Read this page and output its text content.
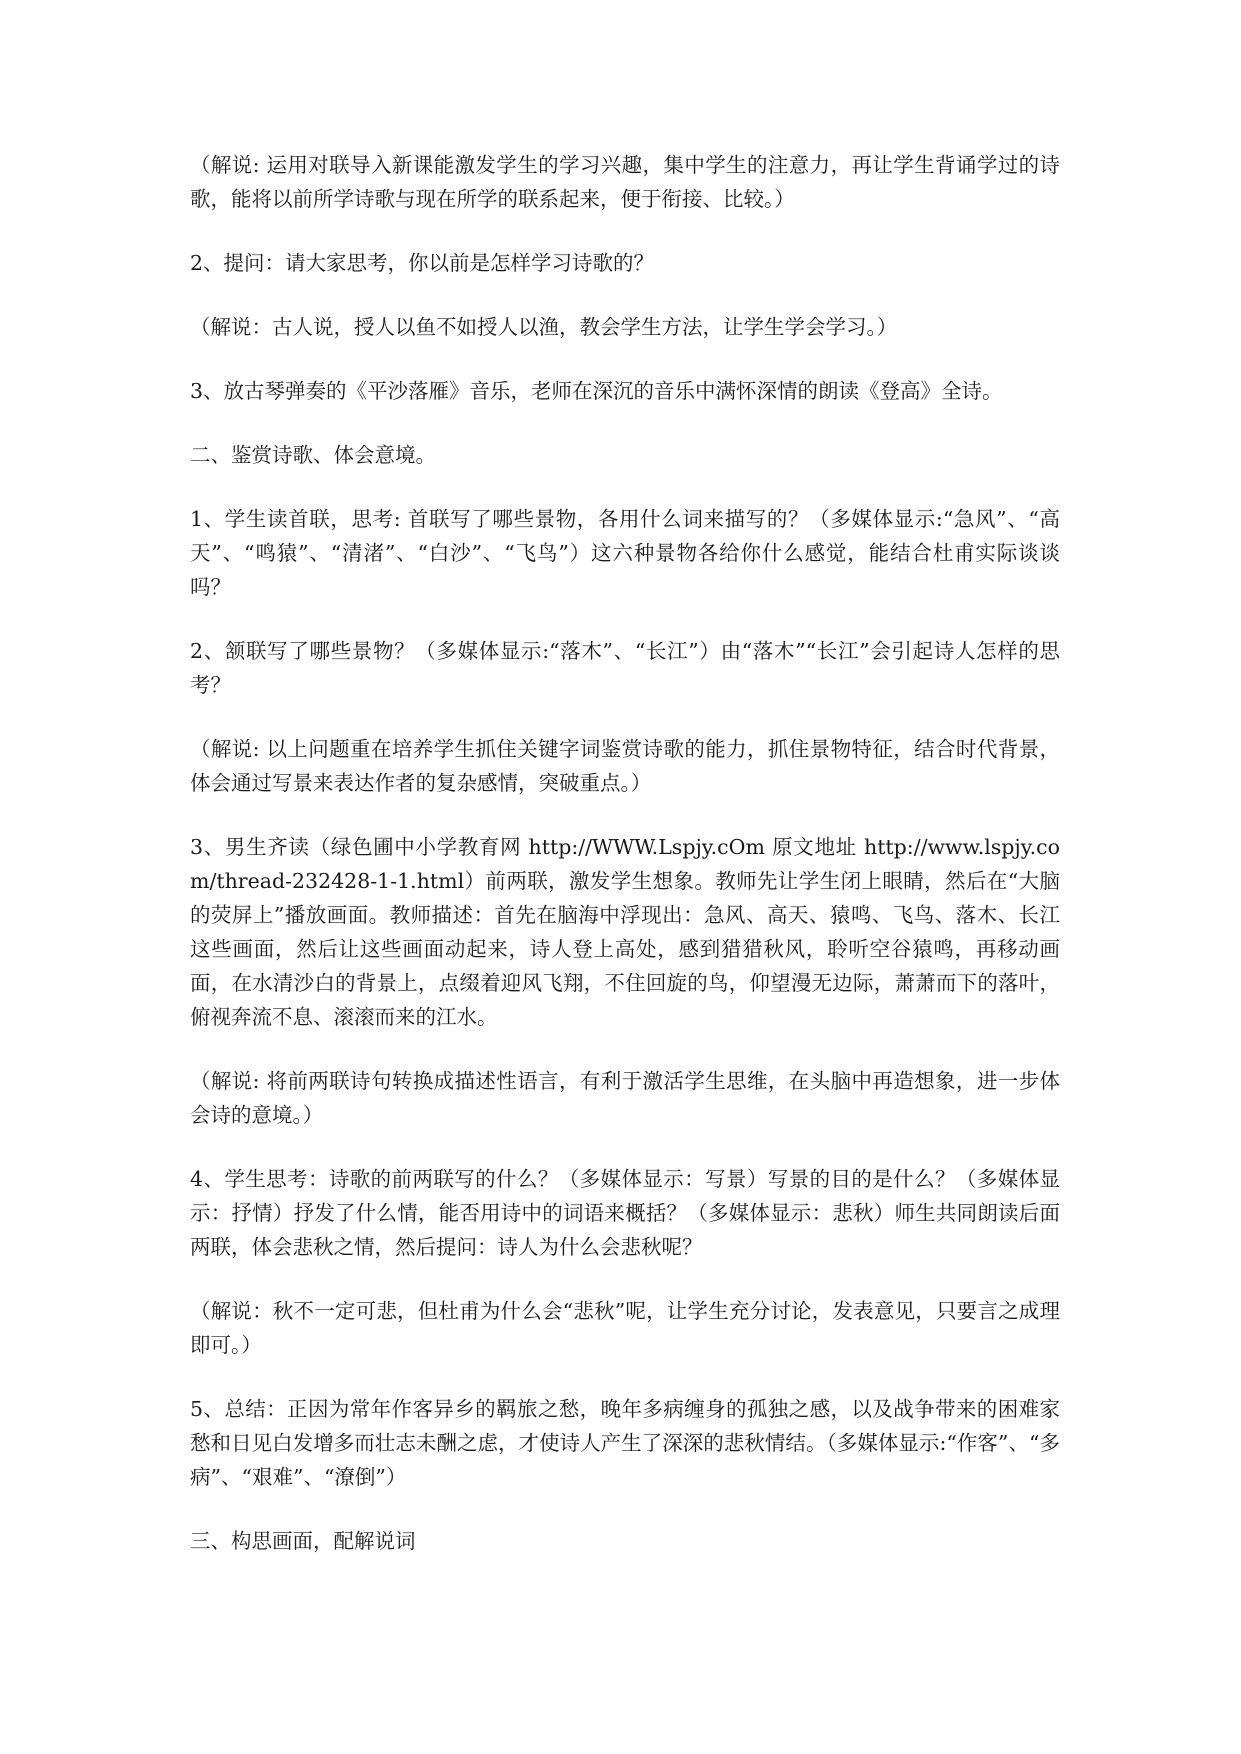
（解说: 运用对联导入新课能激发学生的学习兴趣，集中学生的注意力，再让学生背诵学过的诗歌，能将以前所学诗歌与现在所学的联系起来，便于衔接、比较。）

2、提问：请大家思考，你以前是怎样学习诗歌的？

（解说：古人说，授人以鱼不如授人以渔，教会学生方法，让学生学会学习。）

3、放古琴弹奏的《平沙落雁》音乐，老师在深沉的音乐中满怀深情的朗读《登高》全诗。

二、鉴赏诗歌、体会意境。

1、学生读首联，思考: 首联写了哪些景物，各用什么词来描写的？（多媒体显示:“急风”、“高天”、“鸣猿”、“清渚”、“白沙”、“飞鸟”）这六种景物各给你什么感觉，能结合杜甫实际谈谈吗？

2、颔联写了哪些景物？（多媒体显示:“落木”、“长江”）由“落木”“长江”会引起诗人怎样的思考？

（解说: 以上问题重在培养学生抓住关键字词鉴赏诗歌的能力，抓住景物特征，结合时代背景，体会通过写景来表达作者的复杂感情，突破重点。）

3、男生齐读（绿色圃中小学教育网 http://WWW.Lspjy.cOm 原文地址 http://www.lspjy.com/thread-232428-1-1.html）前两联，激发学生想象。教师先让学生闭上眼睛，然后在“大脑的荧屏上”播放画面。教师描述：首先在脑海中浮现出：急风、高天、猿鸣、飞鸟、落木、长江这些画面，然后让这些画面动起来，诗人登上高处，感到猎猎秋风，聆听空谷猿鸣，再移动画面，在水清沙白的背景上，点缀着迎风飞翔，不住回旋的鸟，仰望漫无边际，萧萧而下的落叶，俯视奔流不息、滚滚而来的江水。

（解说: 将前两联诗句转换成描述性语言，有利于激活学生思维，在头脑中再造想象，进一步体会诗的意境。）

4、学生思考：诗歌的前两联写的什么？（多媒体显示：写景）写景的目的是什么？（多媒体显示：抒情）抒发了什么情，能否用诗中的词语来概括？（多媒体显示：悲秋）师生共同朗读后面两联，体会悲秋之情，然后提问：诗人为什么会悲秋呢？

（解说：秋不一定可悲，但杜甫为什么会“悲秋”呢，让学生充分讨论，发表意见，只要言之成理即可。）

5、总结：正因为常年作客异乡的羁旅之愁，晚年多病缠身的孤独之感，以及战争带来的困难家愁和日见白发增多而壮志未酬之虑，才使诗人产生了深深的悲秋情结。（多媒体显示:“作客”、“多病”、“艰难”、“潦倒”）

三、构思画面，配解说词
